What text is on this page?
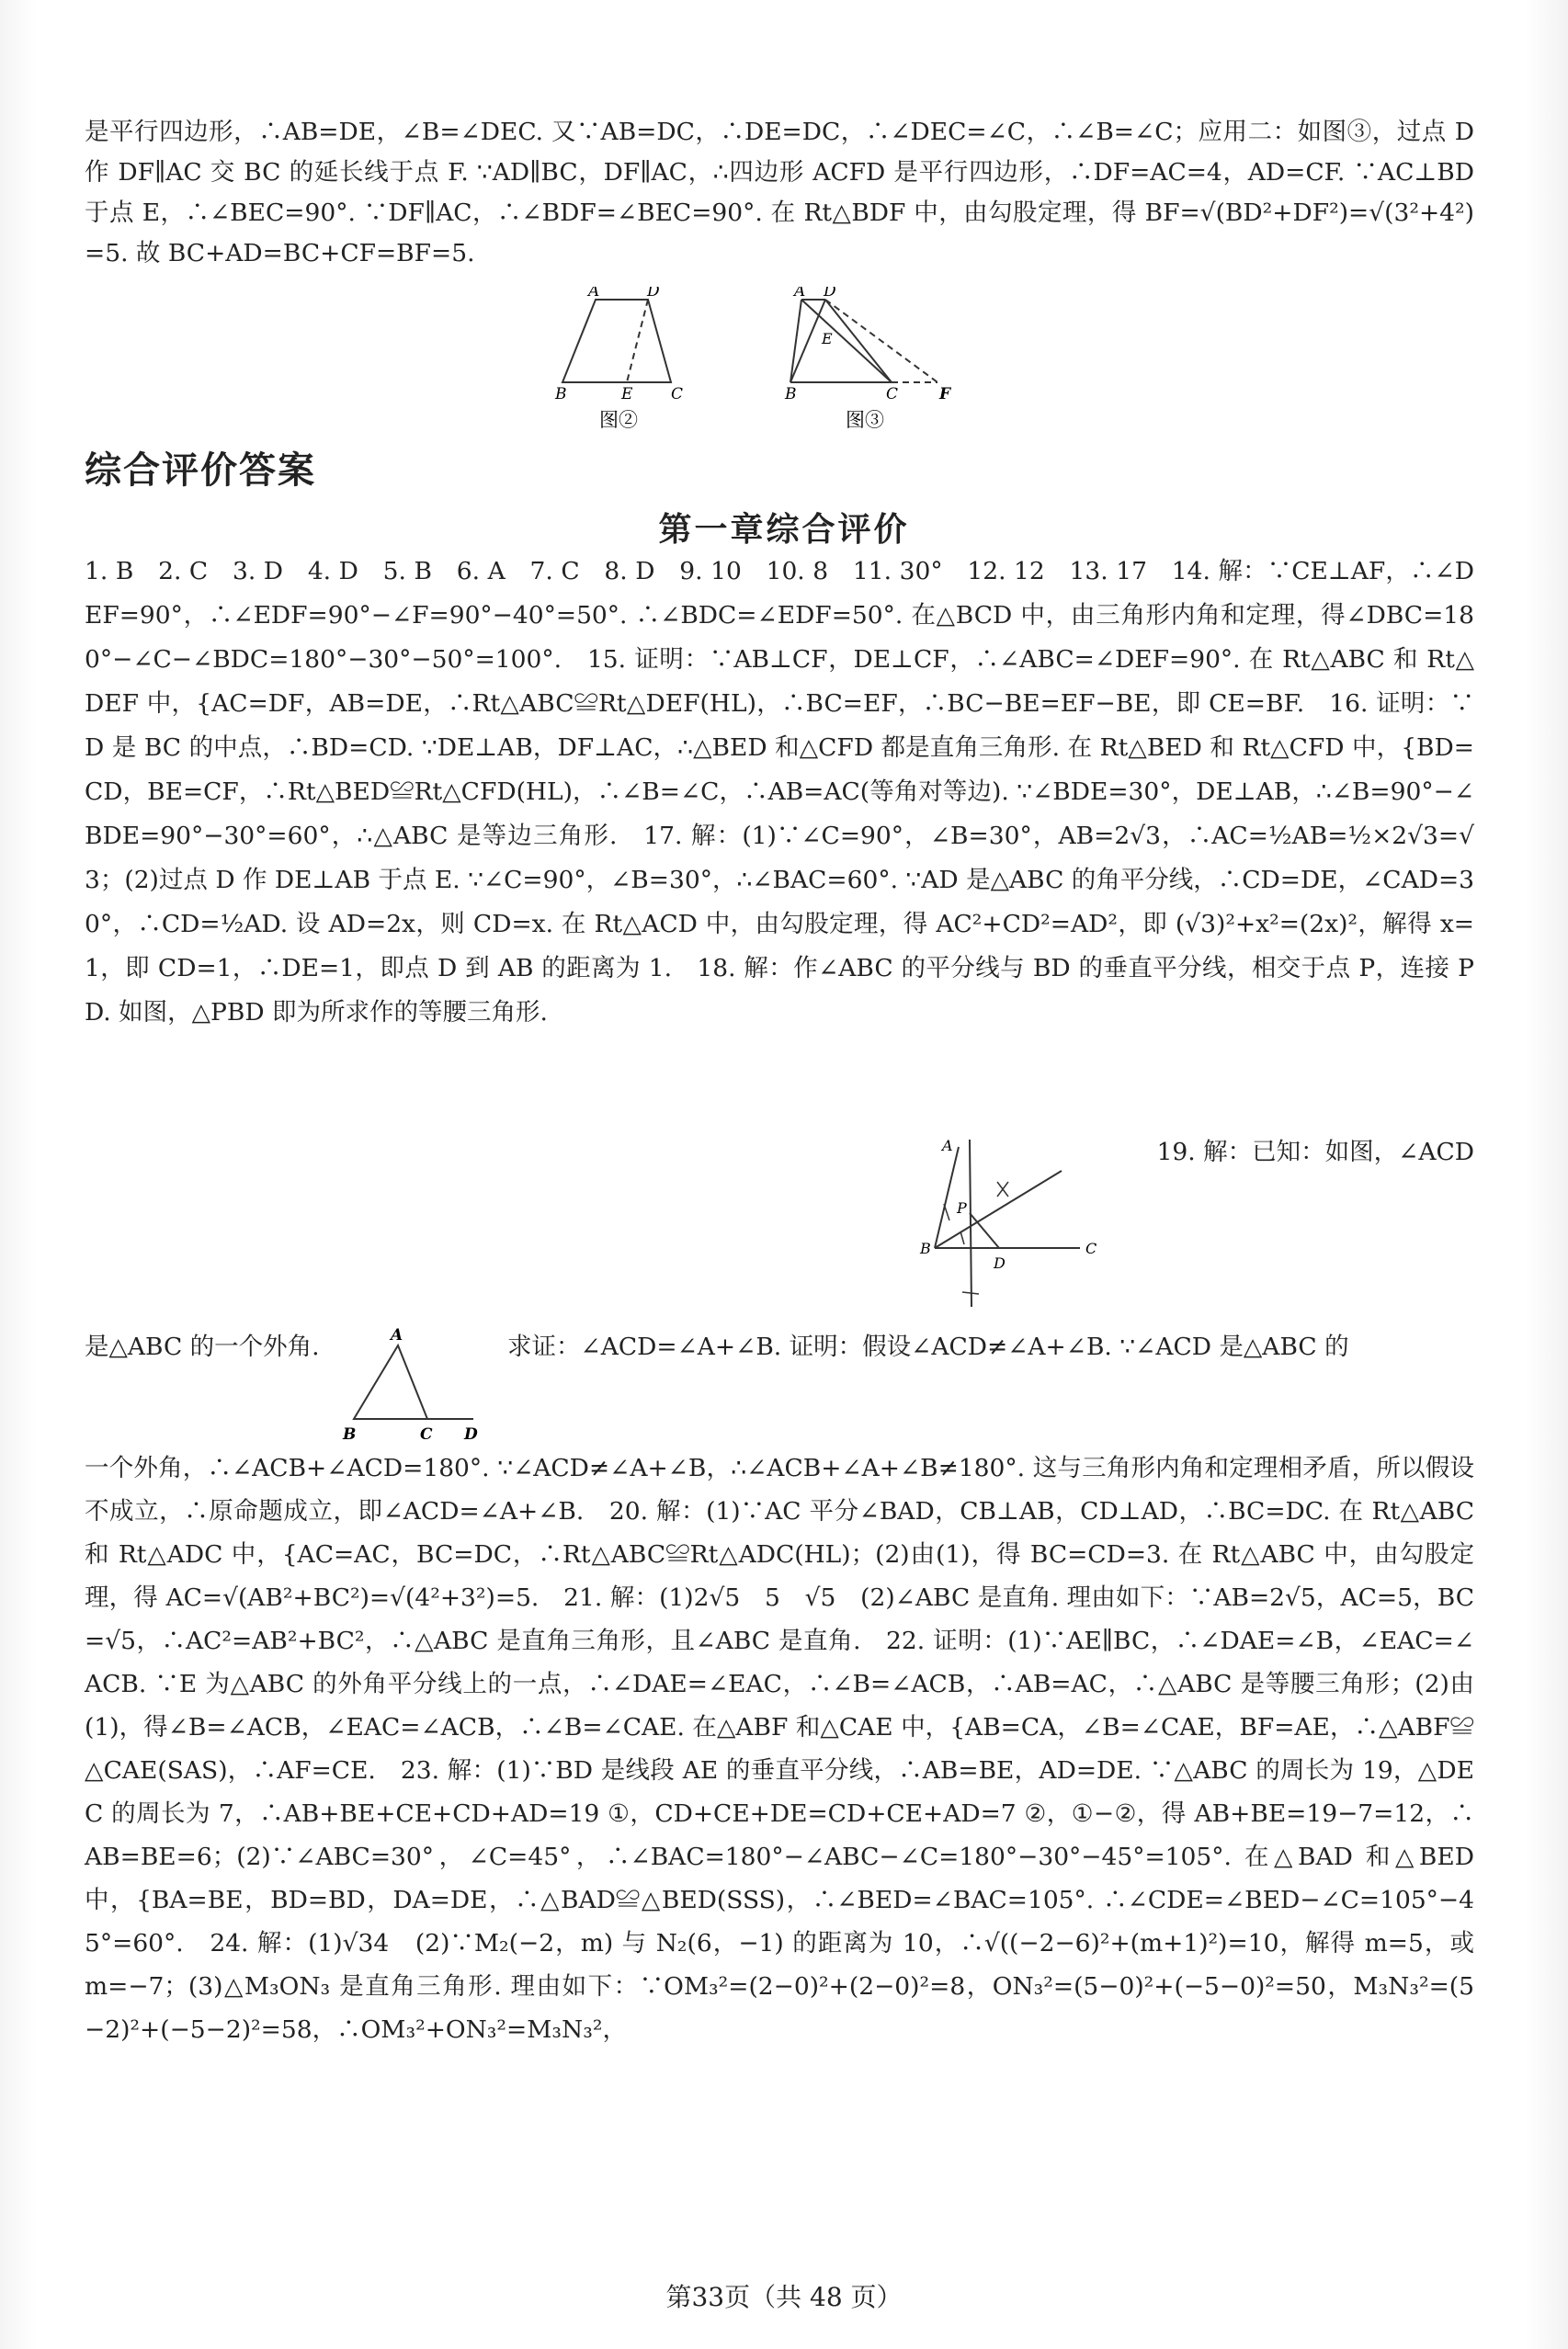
是平行四边形，∴AB=DE，∠B=∠DEC. 又∵AB=DC，∴DE=DC，∴∠DEC=∠C，∴∠B=∠C；应用二：如图③，过点 D 作 DF∥AC 交 BC 的延长线于点 F. ∵AD∥BC，DF∥AC，∴四边形 ACFD 是平行四边形，∴DF=AC=4，AD=CF. ∵AC⊥BD 于点 E，∴∠BEC=90°. ∵DF∥AC，∴∠BDF=∠BEC=90°. 在 Rt△BDF 中，由勾股定理，得 BF=√(BD²+DF²)=√(3²+4²)=5. 故 BC+AD=BC+CF=BF=5.

A	D
B	E C
图②
A D
E
B	C	F
图③
综合评价答案
第一章综合评价

1. B　2. C　3. D　4. D　5. B　6. A　7. C　8. D　9. 10　10. 8　11. 30°　12. 12　13. 17　14. 解：∵CE⊥AF，∴∠DEF=90°，∴∠EDF=90°−∠F=90°−40°=50°. ∴∠BDC=∠EDF=50°. 在△BCD 中，由三角形内角和定理，得∠DBC=180°−∠C−∠BDC=180°−30°−50°=100°.　15. 证明：∵AB⊥CF，DE⊥CF，∴∠ABC=∠DEF=90°. 在 Rt△ABC 和 Rt△DEF 中，{AC=DF，AB=DE，∴Rt△ABC≌Rt△DEF(HL)，∴BC=EF，∴BC−BE=EF−BE，即 CE=BF.　16. 证明：∵D 是 BC 的中点，∴BD=CD. ∵DE⊥AB，DF⊥AC，∴△BED 和△CFD 都是直角三角形. 在 Rt△BED 和 Rt△CFD 中，{BD=CD，BE=CF，∴Rt△BED≌Rt△CFD(HL)，∴∠B=∠C，∴AB=AC(等角对等边). ∵∠BDE=30°，DE⊥AB，∴∠B=90°−∠BDE=90°−30°=60°，∴△ABC 是等边三角形.　17. 解：(1)∵∠C=90°，∠B=30°，AB=2√3，∴AC=½AB=½×2√3=√3；(2)过点 D 作 DE⊥AB 于点 E. ∵∠C=90°，∠B=30°，∴∠BAC=60°. ∵AD 是△ABC 的角平分线，∴CD=DE，∠CAD=30°，∴CD=½AD. 设 AD=2x，则 CD=x. 在 Rt△ACD 中，由勾股定理，得 AC²+CD²=AD²，即 (√3)²+x²=(2x)²，解得 x=1，即 CD=1，∴DE=1，即点 D 到 AB 的距离为 1.　18. 解：作∠ABC 的平分线与 BD 的垂直平分线，相交于点 P，连接 PD. 如图，△PBD 即为所求作的等腰三角形.

19. 解：已知：如图，∠ACD

A
P
B
D
C

是△ABC 的一个外角.	A
B	C D

求证：∠ACD=∠A+∠B. 证明：假设∠ACD≠∠A+∠B. ∵∠ACD 是△ABC 的

一个外角，∴∠ACB+∠ACD=180°. ∵∠ACD≠∠A+∠B，∴∠ACB+∠A+∠B≠180°. 这与三角形内角和定理相矛盾，所以假设不成立，∴原命题成立，即∠ACD=∠A+∠B.　20. 解：(1)∵AC 平分∠BAD，CB⊥AB，CD⊥AD，∴BC=DC. 在 Rt△ABC 和 Rt△ADC 中，{AC=AC，BC=DC，∴Rt△ABC≌Rt△ADC(HL)；(2)由(1)，得 BC=CD=3. 在 Rt△ABC 中，由勾股定理，得 AC=√(AB²+BC²)=√(4²+3²)=5.　21. 解：(1)2√5　5　√5　(2)∠ABC 是直角. 理由如下：∵AB=2√5，AC=5，BC=√5，∴AC²=AB²+BC²，∴△ABC 是直角三角形，且∠ABC 是直角.　22. 证明：(1)∵AE∥BC，∴∠DAE=∠B，∠EAC=∠ACB. ∵E 为△ABC 的外角平分线上的一点，∴∠DAE=∠EAC，∴∠B=∠ACB，∴AB=AC，∴△ABC 是等腰三角形；(2)由(1)，得∠B=∠ACB，∠EAC=∠ACB，∴∠B=∠CAE. 在△ABF 和△CAE 中，{AB=CA，∠B=∠CAE，BF=AE，∴△ABF≌△CAE(SAS)，∴AF=CE.　23. 解：(1)∵BD 是线段 AE 的垂直平分线，∴AB=BE，AD=DE. ∵△ABC 的周长为 19，△DEC 的周长为 7，∴AB+BE+CE+CD+AD=19 ①，CD+CE+DE=CD+CE+AD=7 ②，①−②，得 AB+BE=19−7=12，∴AB=BE=6；(2)∵∠ABC=30°，∠C=45°，∴∠BAC=180°−∠ABC−∠C=180°−30°−45°=105°. 在△BAD 和△BED 中，{BA=BE，BD=BD，DA=DE，∴△BAD≌△BED(SSS)，∴∠BED=∠BAC=105°. ∴∠CDE=∠BED−∠C=105°−45°=60°.　24. 解：(1)√34　(2)∵M₂(−2，m) 与 N₂(6，−1) 的距离为 10，∴√((−2−6)²+(m+1)²)=10，解得 m=5，或 m=−7；(3)△M₃ON₃ 是直角三角形. 理由如下：∵OM₃²=(2−0)²+(2−0)²=8，ON₃²=(5−0)²+(−5−0)²=50，M₃N₃²=(5−2)²+(−5−2)²=58，∴OM₃²+ON₃²=M₃N₃²，

第33页（共 48 页）
